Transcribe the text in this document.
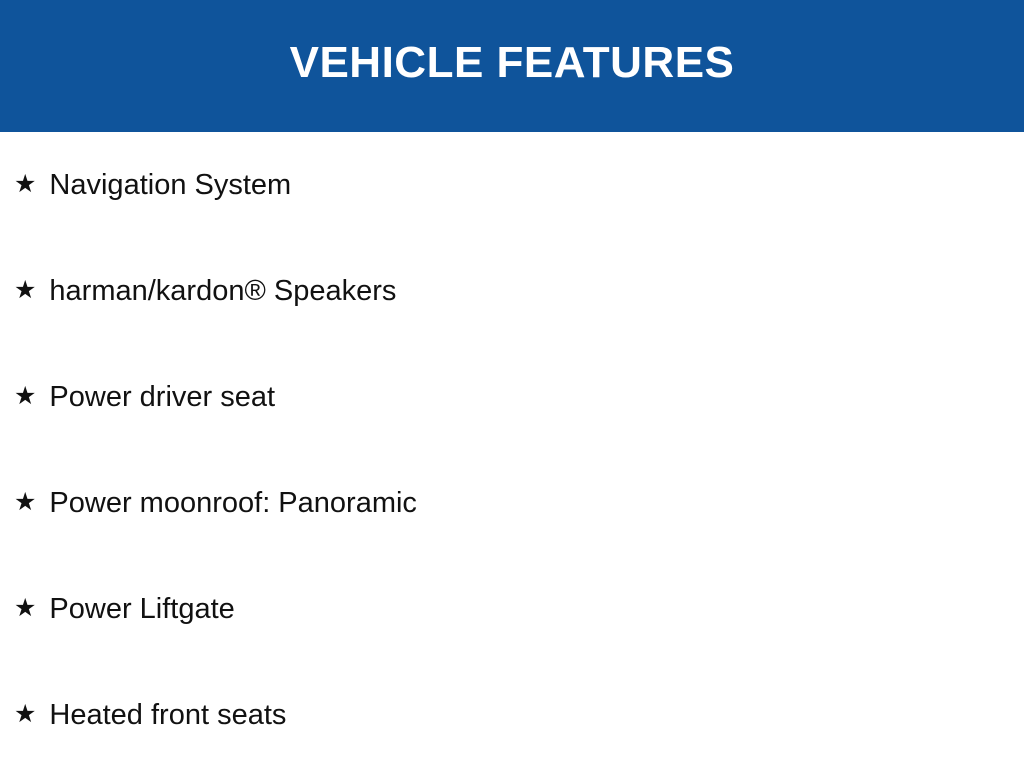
VEHICLE FEATURES
★ Navigation System
★ harman/kardon® Speakers
★ Power driver seat
★ Power moonroof: Panoramic
★ Power Liftgate
★ Heated front seats
